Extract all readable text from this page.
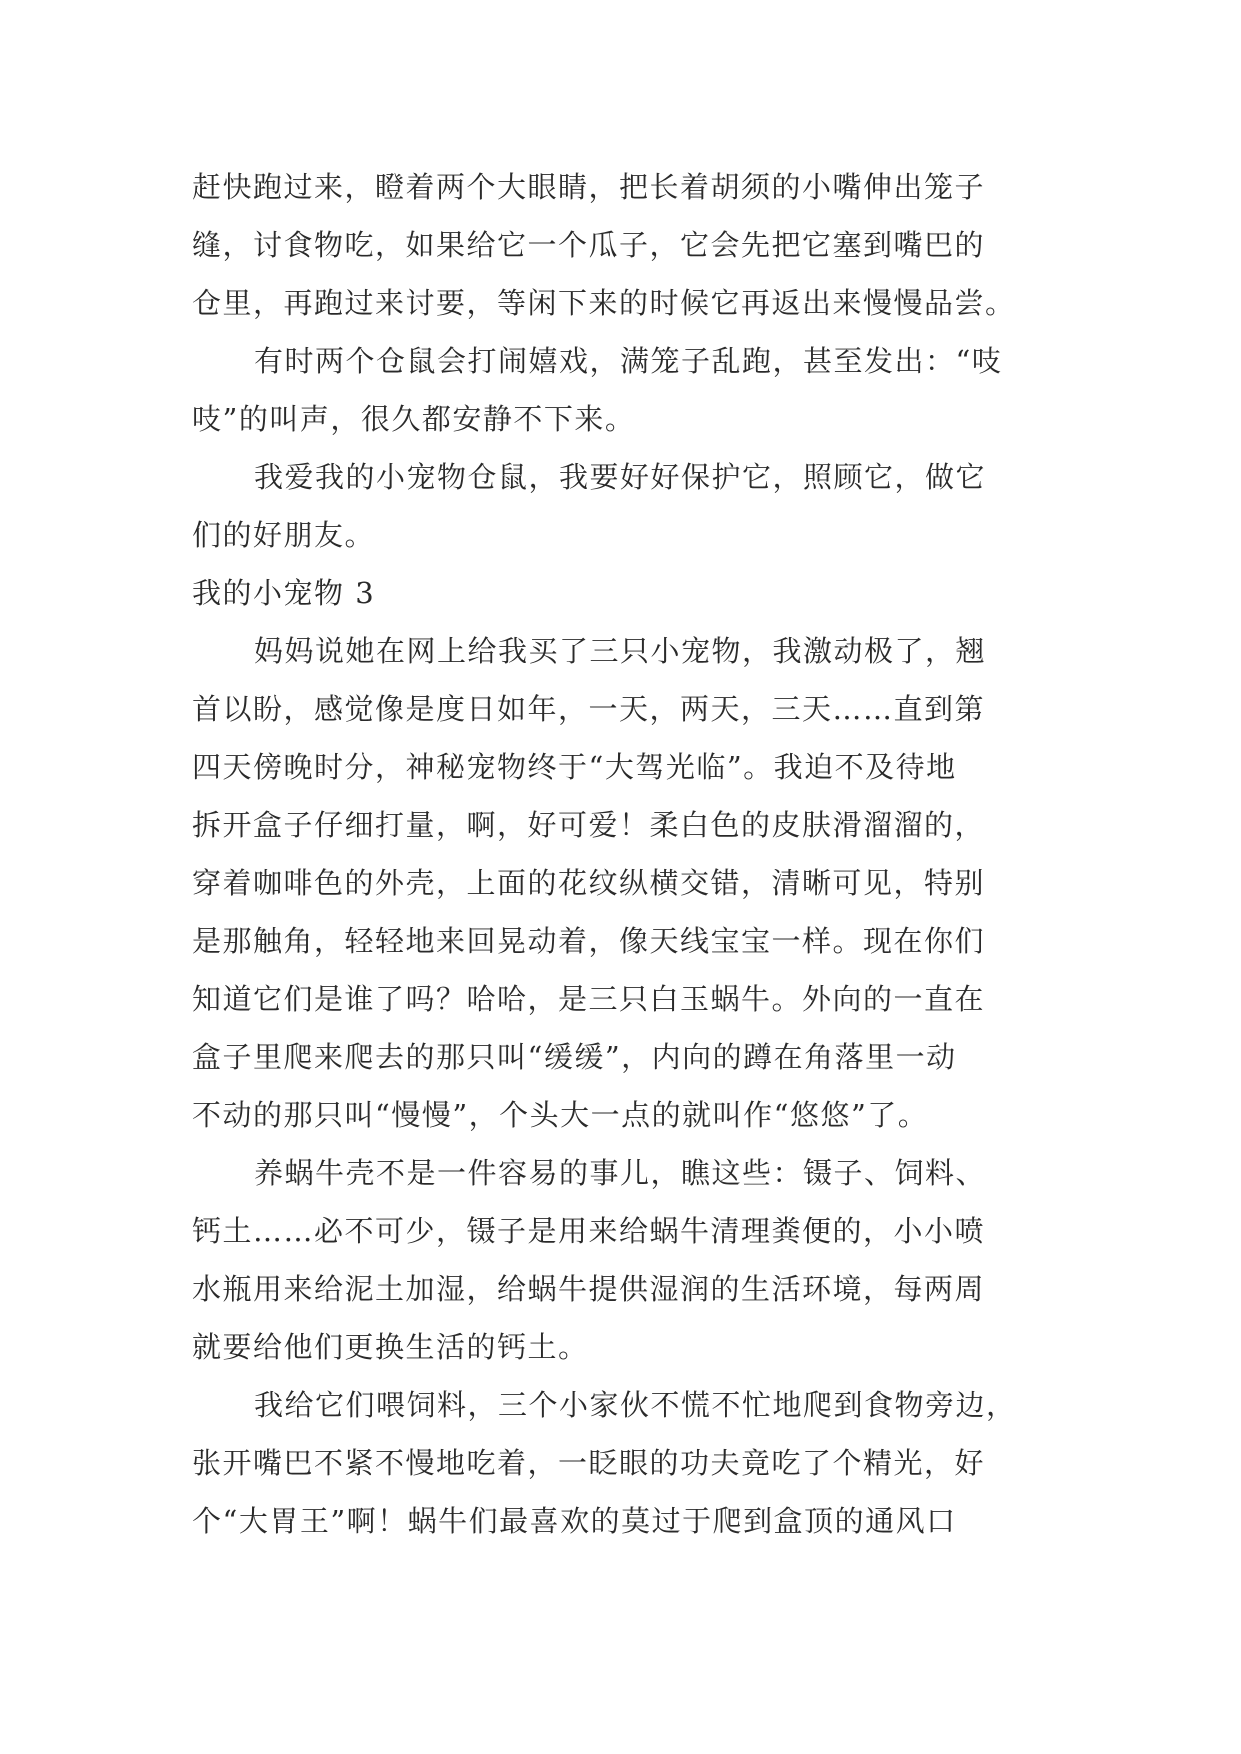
赶快跑过来，瞪着两个大眼睛，把长着胡须的小嘴伸出笼子
缝，讨食物吃，如果给它一个瓜子，它会先把它塞到嘴巴的
仓里，再跑过来讨要，等闲下来的时候它再返出来慢慢品尝。
有时两个仓鼠会打闹嬉戏，满笼子乱跑，甚至发出：“吱
吱”的叫声，很久都安静不下来。
我爱我的小宠物仓鼠，我要好好保护它，照顾它，做它
们的好朋友。
我的小宠物 3
妈妈说她在网上给我买了三只小宠物，我激动极了，翘
首以盼，感觉像是度日如年，一天，两天，三天……直到第
四天傍晚时分，神秘宠物终于“大驾光临”。我迫不及待地
拆开盒子仔细打量，啊，好可爱！柔白色的皮肤滑溜溜的，
穿着咖啡色的外壳，上面的花纹纵横交错，清晰可见，特别
是那触角，轻轻地来回晃动着，像天线宝宝一样。现在你们
知道它们是谁了吗？哈哈，是三只白玉蜗牛。外向的一直在
盒子里爬来爬去的那只叫“缓缓”，内向的蹲在角落里一动
不动的那只叫“慢慢”，个头大一点的就叫作“悠悠”了。
养蜗牛壳不是一件容易的事儿，瞧这些：镊子、饲料、
钙土……必不可少，镊子是用来给蜗牛清理粪便的，小小喷
水瓶用来给泥土加湿，给蜗牛提供湿润的生活环境，每两周
就要给他们更换生活的钙土。
我给它们喂饲料，三个小家伙不慌不忙地爬到食物旁边，
张开嘴巴不紧不慢地吃着，一眨眼的功夫竟吃了个精光，好
个“大胃王”啊！蜗牛们最喜欢的莫过于爬到盒顶的通风口
